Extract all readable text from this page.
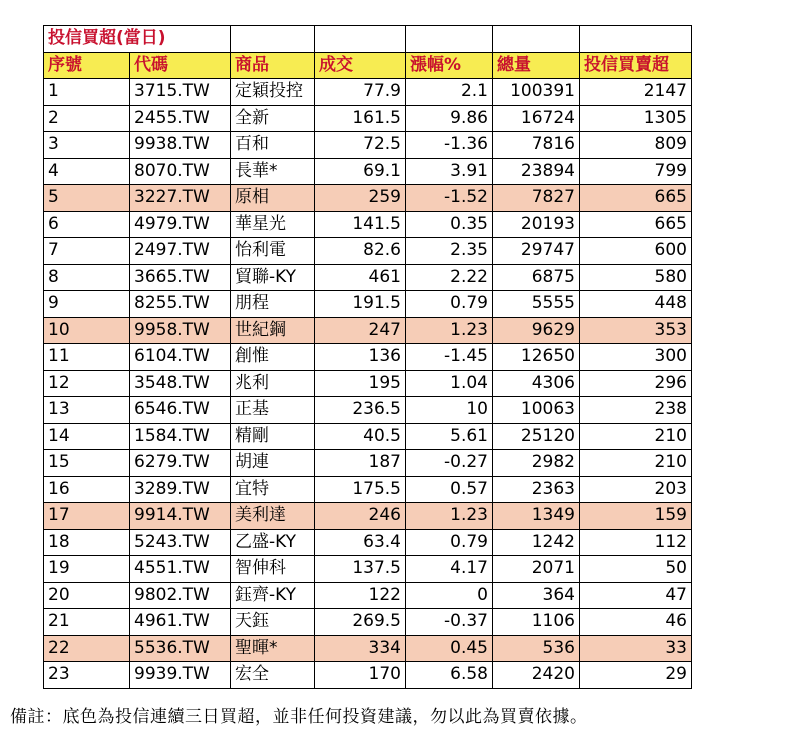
投信買超(當日)						
序號	代碼	商品	成交	漲幅%	總量	投信買賣超
1	3715.TW	定穎投控	77.9	2.1	100391	2147
2	2455.TW	全新	161.5	9.86	16724	1305
3	9938.TW	百和	72.5	-1.36	7816	809
4	8070.TW	長華*	69.1	3.91	23894	799
5	3227.TW	原相	259	-1.52	7827	665
6	4979.TW	華星光	141.5	0.35	20193	665
7	2497.TW	怡利電	82.6	2.35	29747	600
8	3665.TW	貿聯-KY	461	2.22	6875	580
9	8255.TW	朋程	191.5	0.79	5555	448
10	9958.TW	世紀鋼	247	1.23	9629	353
11	6104.TW	創惟	136	-1.45	12650	300
12	3548.TW	兆利	195	1.04	4306	296
13	6546.TW	正基	236.5	10	10063	238
14	1584.TW	精剛	40.5	5.61	25120	210
15	6279.TW	胡連	187	-0.27	2982	210
16	3289.TW	宜特	175.5	0.57	2363	203
17	9914.TW	美利達	246	1.23	1349	159
18	5243.TW	乙盛-KY	63.4	0.79	1242	112
19	4551.TW	智伸科	137.5	4.17	2071	50
20	9802.TW	鈺齊-KY	122	0	364	47
21	4961.TW	天鈺	269.5	-0.37	1106	46
22	5536.TW	聖暉*	334	0.45	536	33
23	9939.TW	宏全	170	6.58	2420	29
備註：底色為投信連續三日買超，並非任何投資建議，勿以此為買賣依據。
